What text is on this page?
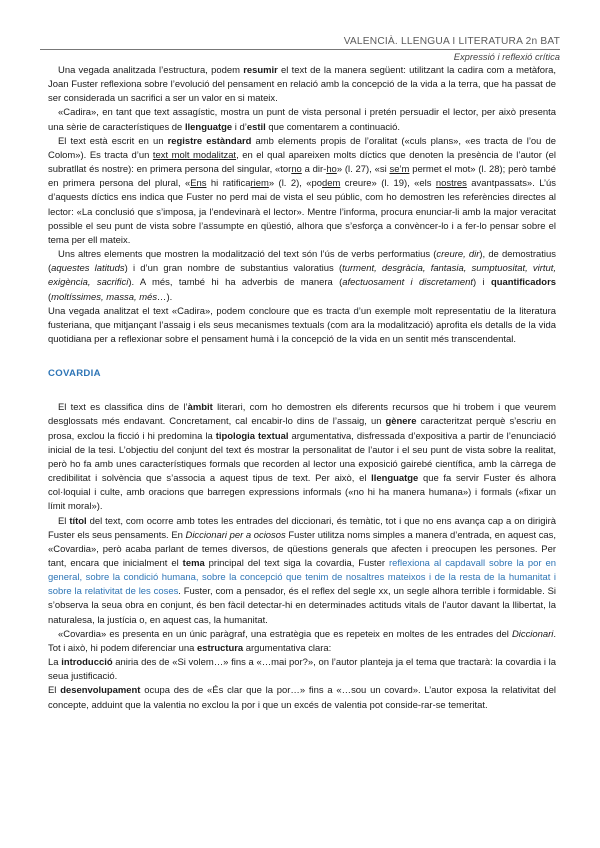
VALENCIÀ. LLENGUA I LITERATURA 2n BAT
Expressió i reflexió crítica

Una vegada analitzada l’estructura, podem resumir el text de la manera següent: utilitzant la cadira com a metàfora, Joan Fuster reflexiona sobre l’evolució del pensament en relació amb la concepció de la vida a la terra, que ha passat de ser considerada un sacrifici a ser un valor en si mateix.

«Cadira», en tant que text assagístic, mostra un punt de vista personal i pretén persuadir el lector, per això presenta una sèrie de característiques de llenguatge i d’estil que comentarem a continuació.

El text està escrit en un registre estàndard amb elements propis de l’oralitat («culs plans», «es tracta de l’ou de Colom»). Es tracta d’un text molt modalitzat, en el qual apareixen molts díctics que denoten la presència de l’autor (el subratllat és nostre): en primera persona del singular, «torno a dir-ho» (l. 27), «si se’m permet el mot» (l. 28); però també en primera persona del plural, «Ens hi ratificariem» (l. 2), «podem creure» (l. 19), «els nostres avantpassats». L’ús d’aquests díctics ens indica que Fuster no perd mai de vista el seu públic, com ho demostren les referències directes al lector: «La conclusió que s’imposa, ja l’endevinarà el lector». Mentre l’informa, procura enunciar-li amb la major veracitat possible el seu punt de vista sobre l’assumpte en qüestió, alhora que s’esforça a convèncer-lo i a fer-lo pensar sobre el tema per ell mateix.

Uns altres elements que mostren la modalització del text són l’ús de verbs performatius (creure, dir), de demostratius (aquestes latituds) i d’un gran nombre de substantius valoratius (turment, desgràcia, fantasia, sumptuositat, virtut, exigència, sacrifici). A més, també hi ha adverbis de manera (afectuosament i discretament) i quantificadors (moltíssimes, massa, més…).

Una vegada analitzat el text «Cadira», podem concloure que es tracta d’un exemple molt representatiu de la literatura fusteriana, que mitjançant l’assaig i els seus mecanismes textuals (com ara la modalització) aprofita els detalls de la vida quotidiana per a reflexionar sobre el pensament humà i la concepció de la vida en un sentit més transcendental.

COVARDIA

El text es classifica dins de l’àmbit literari, com ho demostren els diferents recursos que hi trobem i que veurem desglossats més endavant. Concretament, cal encabir-lo dins de l’assaig, un gènere caracteritzat perquè s’escriu en prosa, exclou la ficció i hi predomina la tipologia textual argumentativa, disfressada d’expositiva a partir de l’enunciació inicial de la tesi. L’objectiu del conjunt del text és mostrar la personalitat de l’autor i el seu punt de vista sobre la realitat, però ho fa amb unes característiques formals que recorden al lector una exposició gairebé científica, amb la càrrega de credibilitat i solvència que s’associa a aquest tipus de text. Per això, el llenguatge que fa servir Fuster és alhora col·loquial i culte, amb oracions que barregen expressions informals («no hi ha manera humana») i formals («fixar un límit moral»).

El títol del text, com ocorre amb totes les entrades del diccionari, és temàtic, tot i que no ens avança cap a on dirigirà Fuster els seus pensaments. En Diccionari per a ociosos Fuster utilitza noms simples a manera d’entrada, en aquest cas, «Covardia», però acaba parlant de temes diversos, de qüestions generals que afecten i preocupen les persones. Per tant, encara que inicialment el tema principal del text siga la covardia, Fuster reflexiona al capdavall sobre la por en general, sobre la condició humana, sobre la concepció que tenim de nosaltres mateixos i de la resta de la humanitat i sobre la relativitat de les coses. Fuster, com a pensador, és el reflex del segle xx, un segle alhora terrible i formidable. Si s’observa la seua obra en conjunt, és ben fàcil detectar-hi en determinades actituds vitals de l’autor davant la llibertat, la naturalesa, la justícia o, en aquest cas, la humanitat.

«Covardia» es presenta en un únic paràgraf, una estratègia que es repeteix en moltes de les entrades del Diccionari. Tot i això, hi podem diferenciar una estructura argumentativa clara:

La introducció aniria des de «Si volem…» fins a «…mai por?», on l’autor planteja ja el tema que tractarà: la covardia i la seua justificació.

El desenvolupament ocupa des de «És clar que la por…» fins a «…sou un covard». L’autor exposa la relativitat del concepte, adduint que la valentia no exclou la por i que un excés de valentia pot conside-rar-se temeritat.
